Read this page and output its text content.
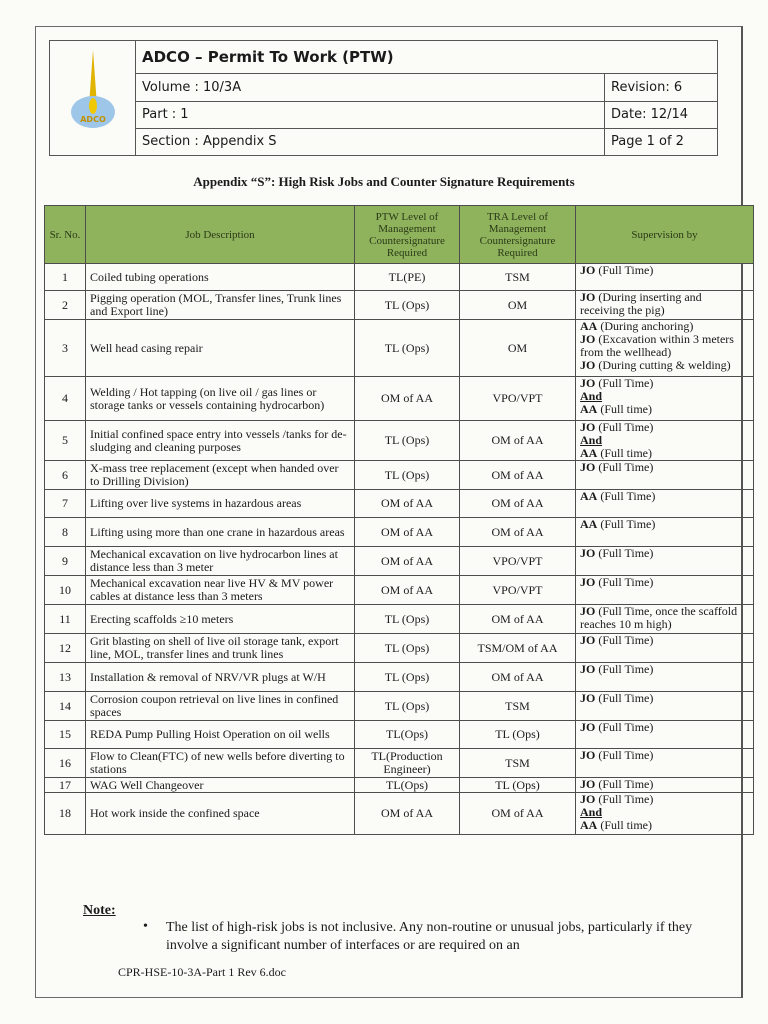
ADCO	ADCO – Permit To Work (PTW)	
	Volume : 10/3A	Revision: 6
	Part : 1	Date: 12/14
	Section : Appendix S	Page 1 of 2
Appendix “S”: High Risk Jobs and Counter Signature Requirements
Sr. No.	Job Description	PTW Level of Management Countersignature Required	TRA Level of Management Countersignature Required	Supervision by
1	Coiled tubing operations	TL(PE)	TSM	JO (Full Time)

2	Pigging operation (MOL, Transfer lines, Trunk lines and Export line)	TL (Ops)	OM	JO (During inserting and receiving the pig)

3	Well head casing repair	TL (Ops)	OM	AA (During anchoring)
JO (Excavation within 3 meters from the wellhead)
JO (During cutting & welding)

4	Welding / Hot tapping (on live oil / gas lines or storage tanks or vessels containing hydrocarbon)	OM of AA	VPO/VPT	JO (Full Time)
And
AA (Full time)

5	Initial confined space entry into vessels /tanks for de-sludging and cleaning purposes	TL (Ops)	OM of AA	JO (Full Time)
And
AA (Full time)

6	X-mass tree replacement (except when handed over to Drilling Division)	TL (Ops)	OM of AA	JO (Full Time)

7	Lifting over live systems in hazardous areas	OM of AA	OM of AA	AA (Full Time)

8	Lifting using more than one crane in hazardous areas	OM of AA	OM of AA	AA (Full Time)

9	Mechanical excavation on live hydrocarbon lines at distance less than 3 meter	OM of AA	VPO/VPT	JO (Full Time)

10	Mechanical excavation near live HV & MV power cables at distance less than 3 meters	OM of AA	VPO/VPT	JO (Full Time)

11	Erecting scaffolds ≥10 meters	TL (Ops)	OM of AA	JO (Full Time, once the scaffold reaches 10 m high)

12	Grit blasting on shell of live oil storage tank, export line, MOL, transfer lines and trunk lines	TL (Ops)	TSM/OM of AA	JO (Full Time)

13	Installation & removal of NRV/VR plugs at W/H	TL (Ops)	OM of AA	JO (Full Time)

14	Corrosion coupon retrieval on live lines in confined spaces	TL (Ops)	TSM	JO (Full Time)

15	REDA Pump Pulling Hoist Operation on oil wells	TL(Ops)	TL (Ops)	JO (Full Time)

16	Flow to Clean(FTC) of new wells before diverting to stations	TL(Production Engineer)	TSM	JO (Full Time)

17	WAG Well Changeover	TL(Ops)	TL (Ops)	JO (Full Time)

18	Hot work inside the confined space	OM of AA	OM of AA	JO (Full Time)
And
AA (Full time)
Note:
• The list of high-risk jobs is not inclusive. Any non-routine or unusual jobs, particularly if they involve a significant number of interfaces or are required on an
CPR-HSE-10-3A-Part 1 Rev 6.doc
